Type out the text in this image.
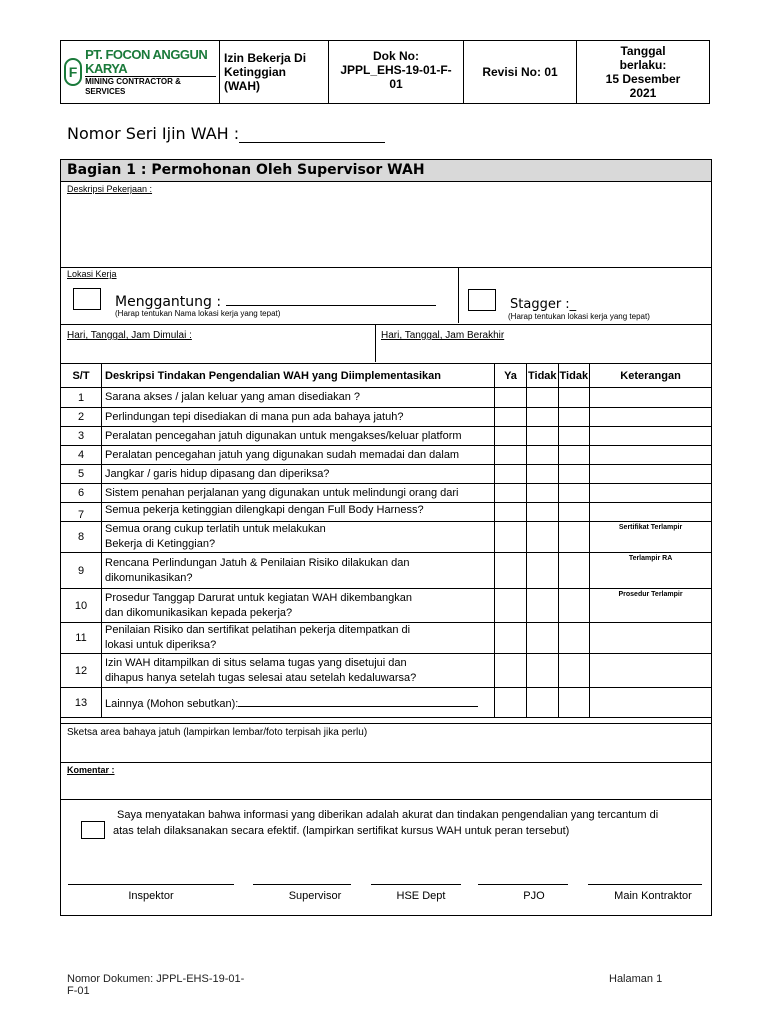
F
PT. FOCON ANGGUN KARYA
MINING CONTRACTOR & SERVICES

Izin Bekerja Di Ketinggian (WAH)

Dok No: JPPL_EHS-19-01-F-01
	Revisi No: 01	
Tanggal berlaku:
15 Desember 2021
Nomor Seri Ijin WAH :
Bagian 1 : Permohonan Oleh Supervisor WAH
Deskripsi Pekerjaan :
Lokasi Kerja
Menggantung :
(Harap tentukan Nama lokasi kerja yang tepat)
Stagger :_
(Harap tentukan lokasi kerja yang tepat)
Hari, Tanggal, Jam Dimulai :	Hari, Tanggal, Jam Berakhir
S/T	Deskripsi Tindakan Pengendalian WAH yang Diimplementasikan	Ya	Tidak	Tidak	Keterangan
1	Sarana akses / jalan keluar yang aman disediakan ?				

2	Perlindungan tepi disediakan di mana pun ada bahaya jatuh?				

3	Peralatan pencegahan jatuh digunakan untuk mengakses/keluar platform				

4	Peralatan pencegahan jatuh yang digunakan sudah memadai dan dalam				

5	Jangkar / garis hidup dipasang dan diperiksa?				

6	Sistem penahan perjalanan yang digunakan untuk melindungi orang dari				

7	Semua pekerja ketinggian dilengkapi dengan Full Body Harness?				

8	Semua orang cukup terlatih untuk melakukan
Bekerja di Ketinggian?				Sertifikat Terlampir
9	Rencana Perlindungan Jatuh & Penilaian Risiko dilakukan dan
dikomunikasikan?				Terlampir RA
10	Prosedur Tanggap Darurat untuk kegiatan WAH dikembangkan
dan dikomunikasikan kepada pekerja?				Prosedur Terlampir
11	Penilaian Risiko dan sertifikat pelatihan pekerja ditempatkan di
lokasi untuk diperiksa?				

12	Izin WAH ditampilkan di situs selama tugas yang disetujui dan
dihapus hanya setelah tugas selesai atau setelah kedaluwarsa?				

13	Lainnya (Mohon sebutkan):				
Sketsa area bahaya jatuh (lampirkan lembar/foto terpisah jika perlu)
Komentar :
Saya menyatakan bahwa informasi yang diberikan adalah akurat dan tindakan pengendalian yang tercantum di
atas telah dilaksanakan secara efektif. (lampirkan sertifikat kursus WAH untuk peran tersebut)
Inspektor	Supervisor	HSE Dept	PJO	Main Kontraktor
Nomor Dokumen: JPPL-EHS-19-01-
F-01
Halaman 1
